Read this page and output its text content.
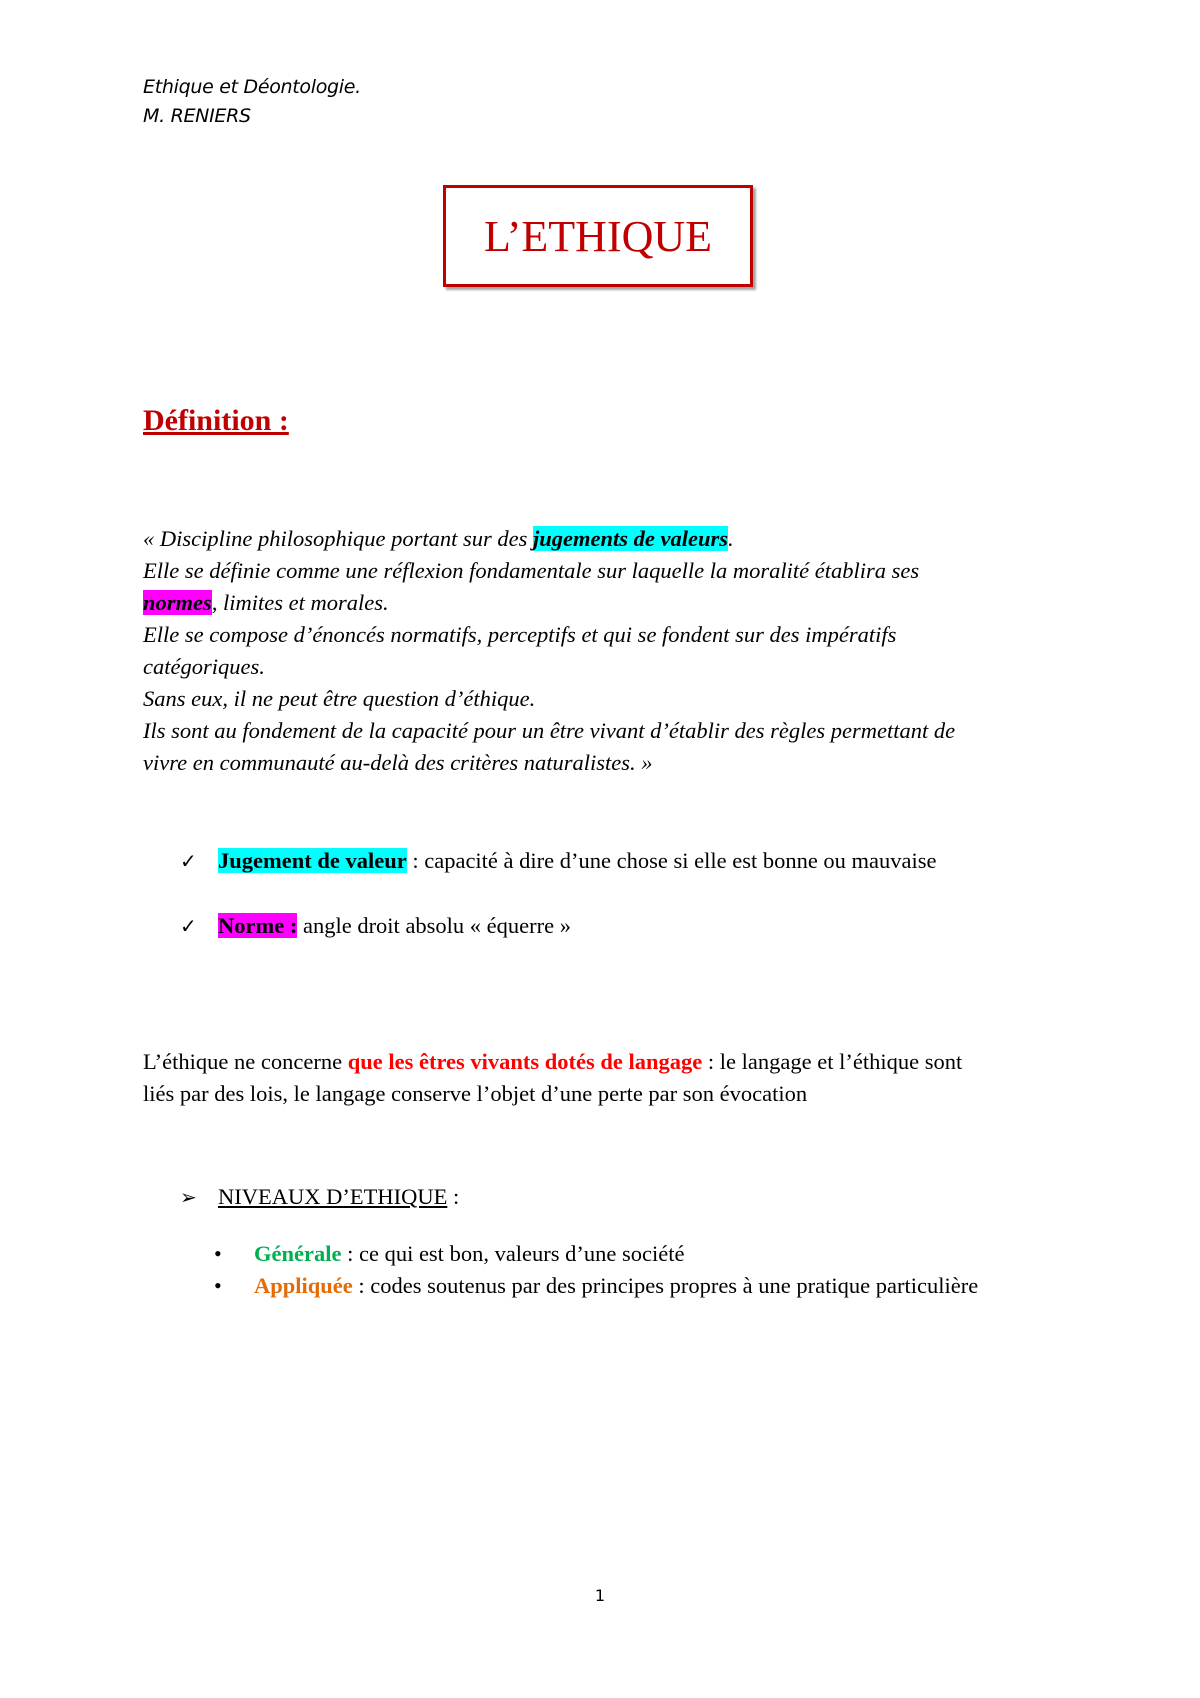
Ethique et Déontologie.
M. RENIERS
L’ETHIQUE
Définition :
« Discipline philosophique portant sur des jugements de valeurs.
Elle se définie comme une réflexion fondamentale sur laquelle la moralité établira ses
normes, limites et morales.
Elle se compose d’énoncés normatifs, perceptifs et qui se fondent sur des impératifs
catégoriques.
Sans eux, il ne peut être question d’éthique.
Ils sont au fondement de la capacité pour un être vivant d’établir des règles permettant de
vivre en communauté au-delà des critères naturalistes. »
✓ Jugement de valeur : capacité à dire d’une chose si elle est bonne ou mauvaise
✓ Norme : angle droit absolu « équerre »
L’éthique ne concerne que les êtres vivants dotés de langage : le langage et l’éthique sont
liés par des lois, le langage conserve l’objet d’une perte par son évocation
➢ NIVEAUX D’ETHIQUE :
• Générale : ce qui est bon, valeurs d’une société
• Appliquée : codes soutenus par des principes propres à une pratique particulière
1
